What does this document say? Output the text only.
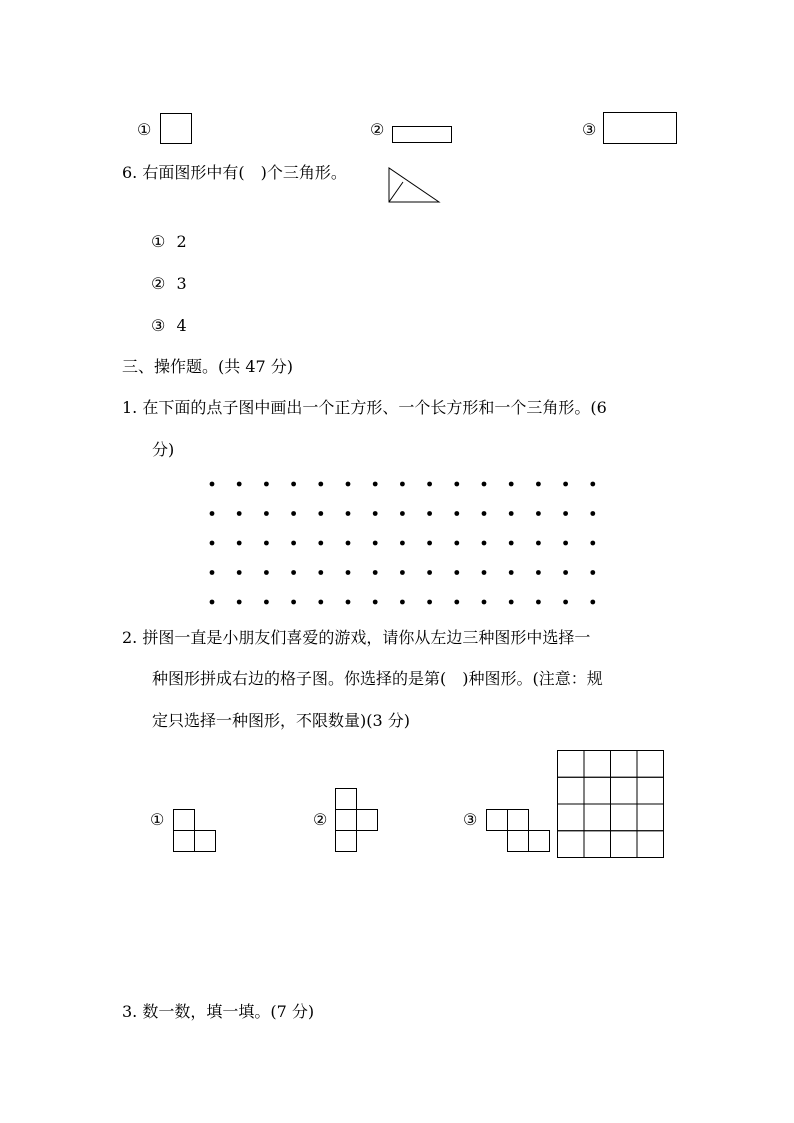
①	②	③
6. 右面图形中有(　)个三角形。
① 2
② 3
③ 4
三、操作题。(共 47 分)
1. 在下面的点子图中画出一个正方形、一个长方形和一个三角形。(6
分)
2. 拼图一直是小朋友们喜爱的游戏，请你从左边三种图形中选择一
种图形拼成右边的格子图。你选择的是第(　)种图形。(注意：规
定只选择一种图形，不限数量)(3 分)
①	②	③
3. 数一数，填一填。(7 分)
